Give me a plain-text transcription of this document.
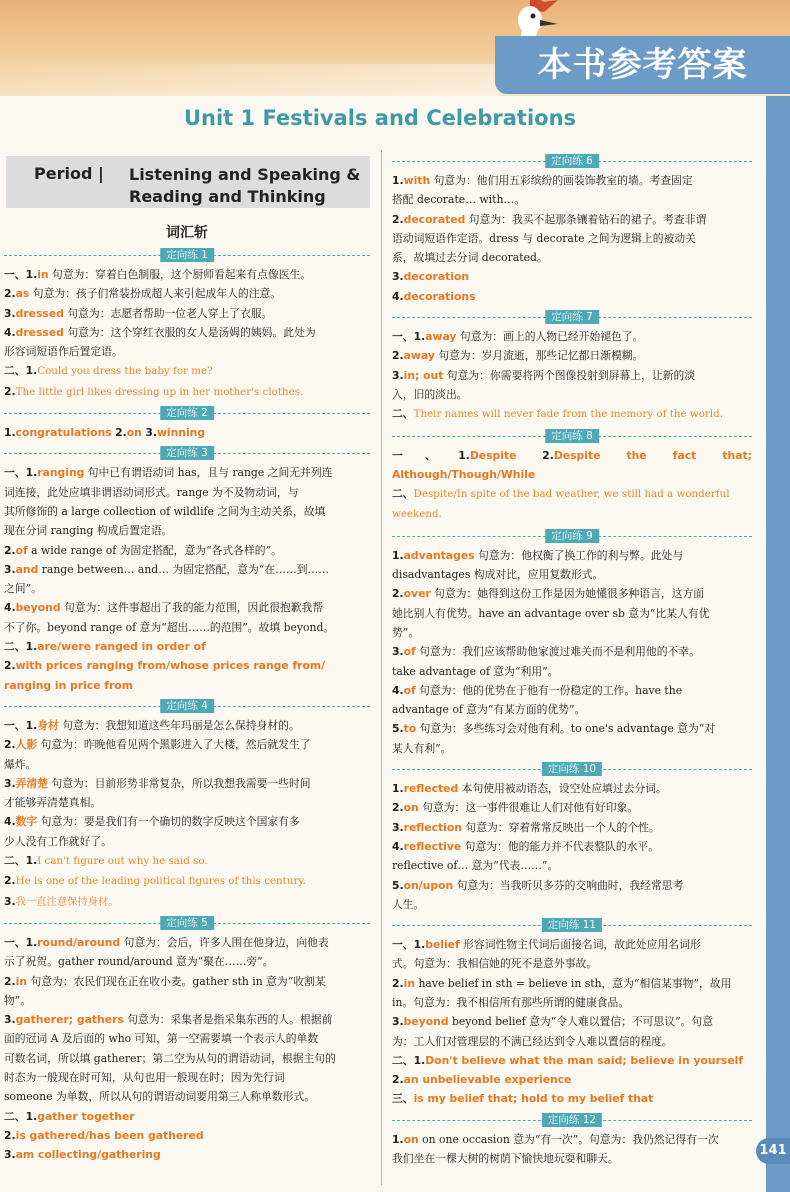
本书参考答案
141
Unit 1 Festivals and Celebrations
Period | Listening and Speaking &
Reading and Thinking
词汇斩
定向练 1
一、1.in 句意为：穿着白色制服，这个厨师看起来有点像医生。
2.as 句意为：孩子们常装扮成超人来引起成年人的注意。
3.dressed 句意为：志愿者帮助一位老人穿上了衣服。
4.dressed 句意为：这个穿红衣服的女人是汤姆的姨妈。此处为
形容词短语作后置定语。
二、1.Could you dress the baby for me?
2.The little girl likes dressing up in her mother's clothes.
定向练 2
1.congratulations 2.on 3.winning
定向练 3
一、1.ranging 句中已有谓语动词 has，且与 range 之间无并列连
词连接，此处应填非谓语动词形式。range 为不及物动词，与
其所修饰的 a large collection of wildlife 之间为主动关系，故填
现在分词 ranging 构成后置定语。
2.of a wide range of 为固定搭配，意为“各式各样的”。
3.and range between… and… 为固定搭配，意为“在……到……
之间”。
4.beyond 句意为：这件事超出了我的能力范围，因此很抱歉我帮
不了你。beyond range of 意为“超出……的范围”。故填 beyond。
二、1.are/were ranged in order of
2.with prices ranging from/whose prices range from/
ranging in price from
定向练 4
一、1.身材 句意为：我想知道这些年玛丽是怎么保持身材的。
2.人影 句意为：昨晚他看见两个黑影进入了大楼，然后就发生了
爆炸。
3.弄清楚 句意为：目前形势非常复杂，所以我想我需要一些时间
才能够弄清楚真相。
4.数字 句意为：要是我们有一个确切的数字反映这个国家有多
少人没有工作就好了。
二、1.I can't figure out why he said so.
2.He is one of the leading political figures of this century.
3.我一直注意保持身材。
定向练 5
一、1.round/around 句意为：会后，许多人围在他身边，向他表
示了祝贺。gather round/around 意为“聚在……旁”。
2.in 句意为：农民们现在正在收小麦。gather sth in 意为“收割某
物”。
3.gatherer; gathers 句意为：采集者是指采集东西的人。根据前
面的冠词 A 及后面的 who 可知，第一空需要填一个表示人的单数
可数名词，所以填 gatherer；第二空为从句的谓语动词，根据主句的
时态为一般现在时可知，从句也用一般现在时；因为先行词
someone 为单数，所以从句的谓语动词要用第三人称单数形式。
二、1.gather together
2.is gathered/has been gathered
3.am collecting/gathering
定向练 6
1.with 句意为：他们用五彩缤纷的画装饰教室的墙。考查固定
搭配 decorate… with…。
2.decorated 句意为：我买不起那条镶着钻石的裙子。考查非谓
语动词短语作定语。dress 与 decorate 之间为逻辑上的被动关
系，故填过去分词 decorated。
3.decoration
4.decorations
定向练 7
一、1.away 句意为：画上的人物已经开始褪色了。
2.away 句意为：岁月流逝，那些记忆都日渐模糊。
3.in; out 句意为：你需要将两个图像投射到屏幕上，让新的淡
入，旧的淡出。
二、Their names will never fade from the memory of the world.
定向练 8
一、1.Despite 2.Despite the fact that; Although/Though/While
二、Despite/In spite of the bad weather, we still had a wonderful
weekend.
定向练 9
1.advantages 句意为：他权衡了换工作的利与弊。此处与
disadvantages 构成对比，应用复数形式。
2.over 句意为：她得到这份工作是因为她懂很多种语言，这方面
她比别人有优势。have an advantage over sb 意为“比某人有优
势”。
3.of 句意为：我们应该帮助他家渡过难关而不是利用他的不幸。
take advantage of 意为“利用”。
4.of 句意为：他的优势在于他有一份稳定的工作。have the
advantage of 意为“有某方面的优势”。
5.to 句意为：多些练习会对他有利。to one's advantage 意为“对
某人有利”。
定向练 10
1.reflected 本句使用被动语态，设空处应填过去分词。
2.on 句意为：这一事件很难让人们对他有好印象。
3.reflection 句意为：穿着常常反映出一个人的个性。
4.reflective 句意为：他的能力并不代表整队的水平。
reflective of… 意为“代表……”。
5.on/upon 句意为：当我听贝多芬的交响曲时，我经常思考
人生。
定向练 11
一、1.belief 形容词性物主代词后面接名词，故此处应用名词形
式。句意为：我相信她的死不是意外事故。
2.in have belief in sth = believe in sth，意为“相信某事物”，故用
in。句意为：我不相信所有那些所谓的健康食品。
3.beyond beyond belief 意为“令人难以置信；不可思议”。句意
为：工人们对管理层的不满已经达到令人难以置信的程度。
二、1.Don't believe what the man said; believe in yourself
2.an unbelievable experience
三、is my belief that; hold to my belief that
定向练 12
1.on on one occasion 意为“有一次”。句意为：我仍然记得有一次
我们坐在一棵大树的树荫下愉快地玩耍和聊天。
